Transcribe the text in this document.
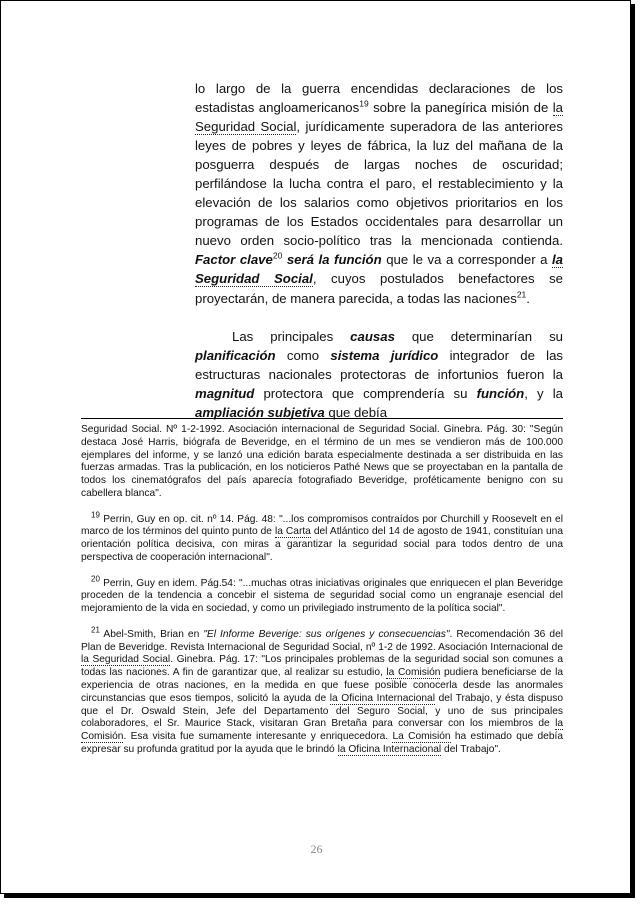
lo largo de la guerra encendidas declaraciones de los estadistas angloamericanos$^{19}$ sobre la panegírica misión de la Seguridad Social, jurídicamente superadora de las anteriores leyes de pobres y leyes de fábrica, la luz del mañana de la posguerra después de largas noches de oscuridad; perfilándose la lucha contra el paro, el restablecimiento y la elevación de los salarios como objetivos prioritarios en los programas de los Estados occidentales para desarrollar un nuevo orden socio-político tras la mencionada contienda. Factor clave$^{20}$ será la función que le va a corresponder a la Seguridad Social, cuyos postulados benefactores se proyectarán, de manera parecida, a todas las naciones$^{21}$.

Las principales causas que determinarían su planificación como sistema jurídico integrador de las estructuras nacionales protectoras de infortunios fueron la magnitud protectora que comprendería su función, y la ampliación subjetiva que debía

Seguridad Social. Nº 1-2-1992. Asociación internacional de Seguridad Social. Ginebra. Pág. 30: "Según destaca José Harris, biógrafa de Beveridge, en el término de un mes se vendieron más de 100.000 ejemplares del informe, y se lanzó una edición barata especialmente destinada a ser distribuida en las fuerzas armadas. Tras la publicación, en los noticieros Pathé News que se proyectaban en la pantalla de todos los cinematógrafos del país aparecía fotografiado Beveridge, proféticamente benigno con su cabellera blanca".

$^{19}$ Perrin, Guy en op. cit. nº 14. Pág. 48: "...los compromisos contraídos por Churchill y Roosevelt en el marco de los términos del quinto punto de la Carta del Atlántico del 14 de agosto de 1941, constituían una orientación política decisiva, con miras a garantizar la seguridad social para todos dentro de una perspectiva de cooperación internacional".

$^{20}$ Perrin, Guy en idem. Pág.54: "...muchas otras iniciativas originales que enriquecen el plan Beveridge proceden de la tendencia a concebir el sistema de seguridad social como un engranaje esencial del mejoramiento de la vida en sociedad, y como un privilegiado instrumento de la política social".

$^{21}$ Abel-Smith, Brian en "El Informe Beverige: sus orígenes y consecuencias". Recomendación 36 del Plan de Beveridge. Revista Internacional de Seguridad Social, nº 1-2 de 1992. Asociación Internacional de la Seguridad Social. Ginebra. Pág. 17: "Los principales problemas de la seguridad social son comunes a todas las naciones. A fin de garantizar que, al realizar su estudio, la Comisión pudiera beneficiarse de la experiencia de otras naciones, en la medida en que fuese posible conocerla desde las anormales circunstancias que esos tiempos, solicitó la ayuda de la Oficina Internacional del Trabajo, y ésta dispuso que el Dr. Oswald Stein, Jefe del Departamento del Seguro Social, y uno de sus principales colaboradores, el Sr. Maurice Stack, visitaran Gran Bretaña para conversar con los miembros de la Comisión. Esa visita fue sumamente interesante y enriquecedora. La Comisión ha estimado que debía expresar su profunda gratitud por la ayuda que le brindó la Oficina Internacional del Trabajo".

26
